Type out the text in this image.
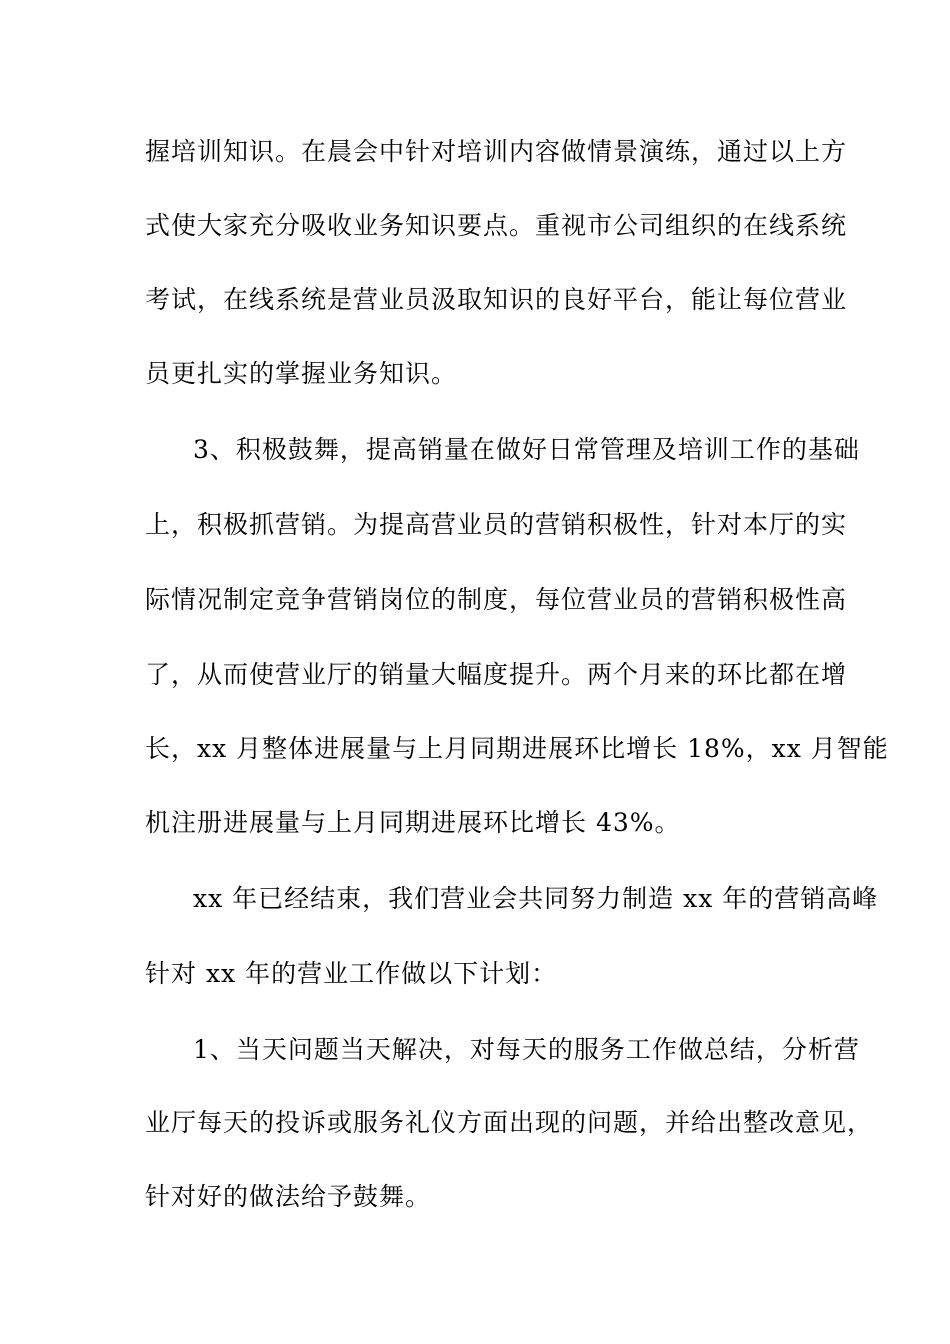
握培训知识。在晨会中针对培训内容做情景演练，通过以上方
式使大家充分吸收业务知识要点。重视市公司组织的在线系统
考试，在线系统是营业员汲取知识的良好平台，能让每位营业
员更扎实的掌握业务知识。
3、积极鼓舞，提高销量在做好日常管理及培训工作的基础
上，积极抓营销。为提高营业员的营销积极性，针对本厅的实
际情况制定竞争营销岗位的制度，每位营业员的营销积极性高
了，从而使营业厅的销量大幅度提升。两个月来的环比都在增
长，xx 月整体进展量与上月同期进展环比增长 18%，xx 月智能
机注册进展量与上月同期进展环比增长 43%。
xx 年已经结束，我们营业会共同努力制造 xx 年的营销高峰
针对 xx 年的营业工作做以下计划：
1、当天问题当天解决，对每天的服务工作做总结，分析营
业厅每天的投诉或服务礼仪方面出现的问题，并给出整改意见，
针对好的做法给予鼓舞。
